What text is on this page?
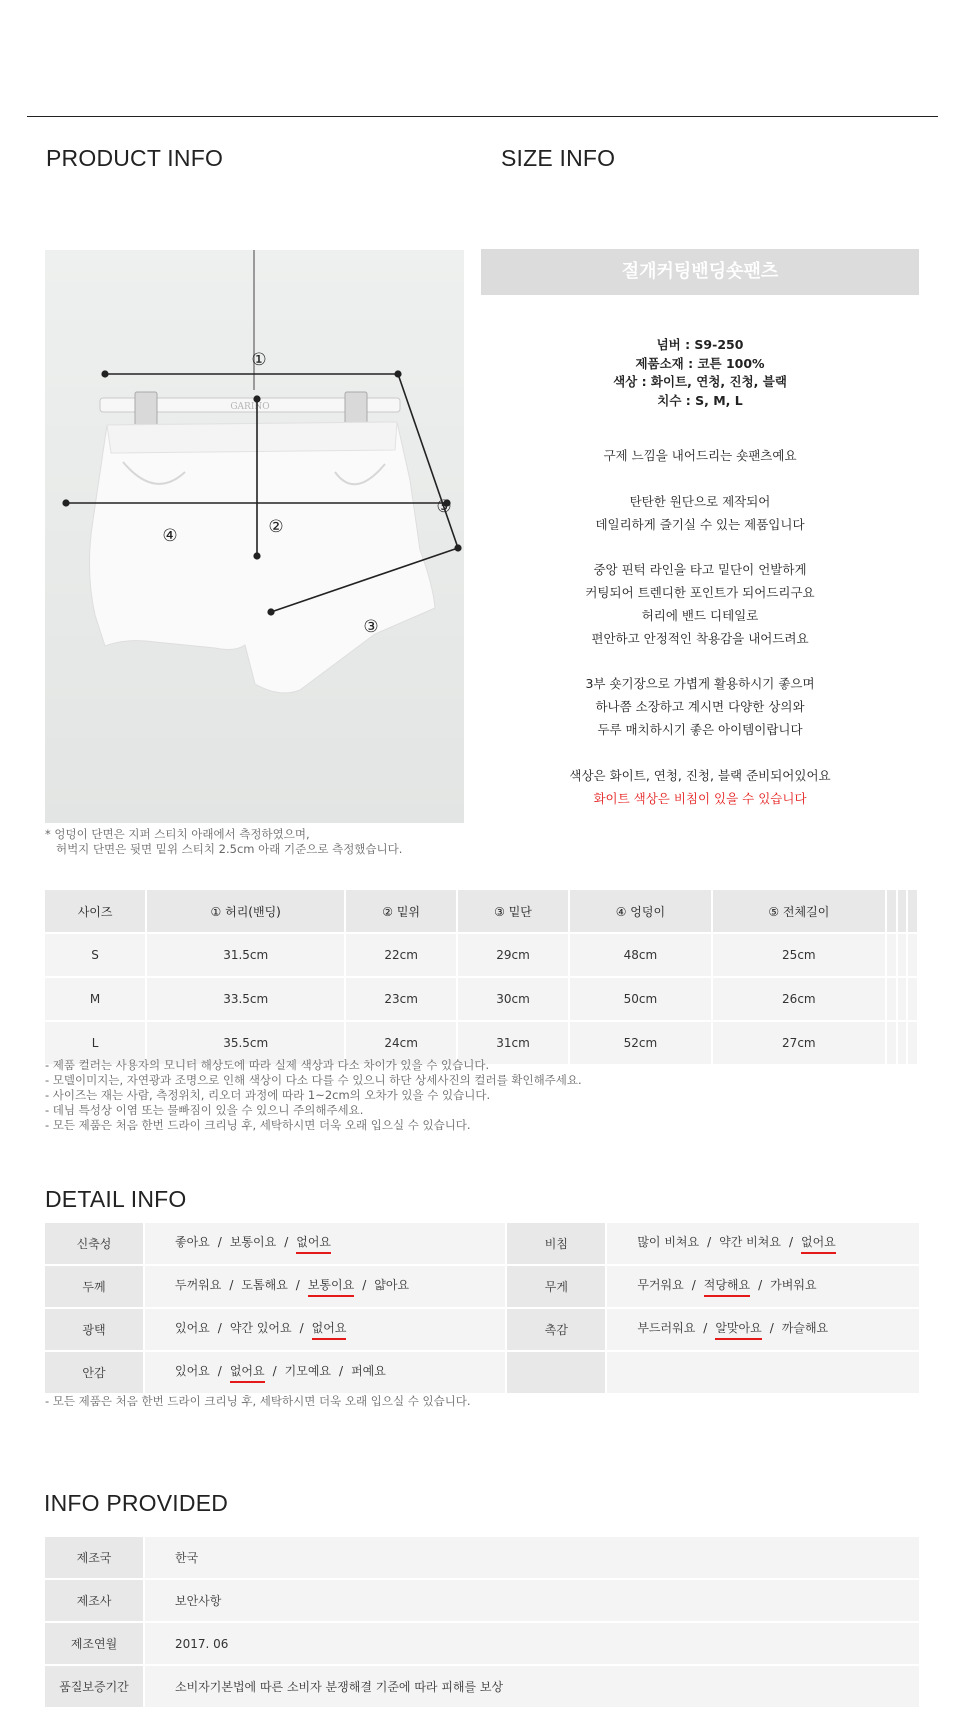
PRODUCT INFO	SIZE INFO
GARINO
①
②
③
④
⑤
* 엉덩이 단면은 지퍼 스티치 아래에서 측정하였으며,
허벅지 단면은 뒷면 밑위 스티치 2.5cm 아래 기준으로 측정했습니다.
절개커팅밴딩숏팬츠
넘버 : S9-250
제품소재 : 코튼 100%
색상 : 화이트, 연청, 진청, 블랙
치수 : S, M, L
구제 느낌을 내어드리는 숏팬츠예요
탄탄한 원단으로 제작되어
데일리하게 즐기실 수 있는 제품입니다
중앙 핀턱 라인을 타고 밑단이 언발하게
커팅되어 트렌디한 포인트가 되어드리구요
허리에 밴드 디테일로
편안하고 안정적인 착용감을 내어드려요
3부 숏기장으로 가볍게 활용하시기 좋으며
하나쯤 소장하고 계시면 다양한 상의와
두루 매치하시기 좋은 아이템이랍니다
색상은 화이트, 연청, 진청, 블랙 준비되어있어요
화이트 색상은 비침이 있을 수 있습니다
사이즈	① 허리(밴딩)	② 밑위	③ 밑단	④ 엉덩이	⑤ 전체길이			
S	31.5cm	22cm	29cm	48cm	25cm			
M	33.5cm	23cm	30cm	50cm	26cm			
L	35.5cm	24cm	31cm	52cm	27cm			
- 제품 컬러는 사용자의 모니터 해상도에 따라 실제 색상과 다소 차이가 있을 수 있습니다.
- 모델이미지는, 자연광과 조명으로 인해 색상이 다소 다를 수 있으니 하단 상세사진의 컬러를 확인해주세요.
- 사이즈는 재는 사람, 측정위치, 리오더 과정에 따라 1~2cm의 오차가 있을 수 있습니다.
- 데님 특성상 이염 또는 물빠짐이 있을 수 있으니 주의해주세요.
- 모든 제품은 처음 한번 드라이 크리닝 후, 세탁하시면 더욱 오래 입으실 수 있습니다.
DETAIL INFO
신축성	좋아요 / 보통이요 / 없어요	비침	많이 비쳐요 / 약간 비쳐요 / 없어요
두께	두꺼워요 / 도톰해요 / 보통이요 / 얇아요	무게	무거워요 / 적당해요 / 가벼워요
광택	있어요 / 약간 있어요 / 없어요	촉감	부드러워요 / 알맞아요 / 까슬해요
안감	있어요 / 없어요 / 기모예요 / 퍼예요		
- 모든 제품은 처음 한번 드라이 크리닝 후, 세탁하시면 더욱 오래 입으실 수 있습니다.
INFO PROVIDED
제조국	한국
제조사	보안사항
제조연월	2017. 06
품질보증기간	소비자기본법에 따른 소비자 분쟁해결 기준에 따라 피해를 보상
